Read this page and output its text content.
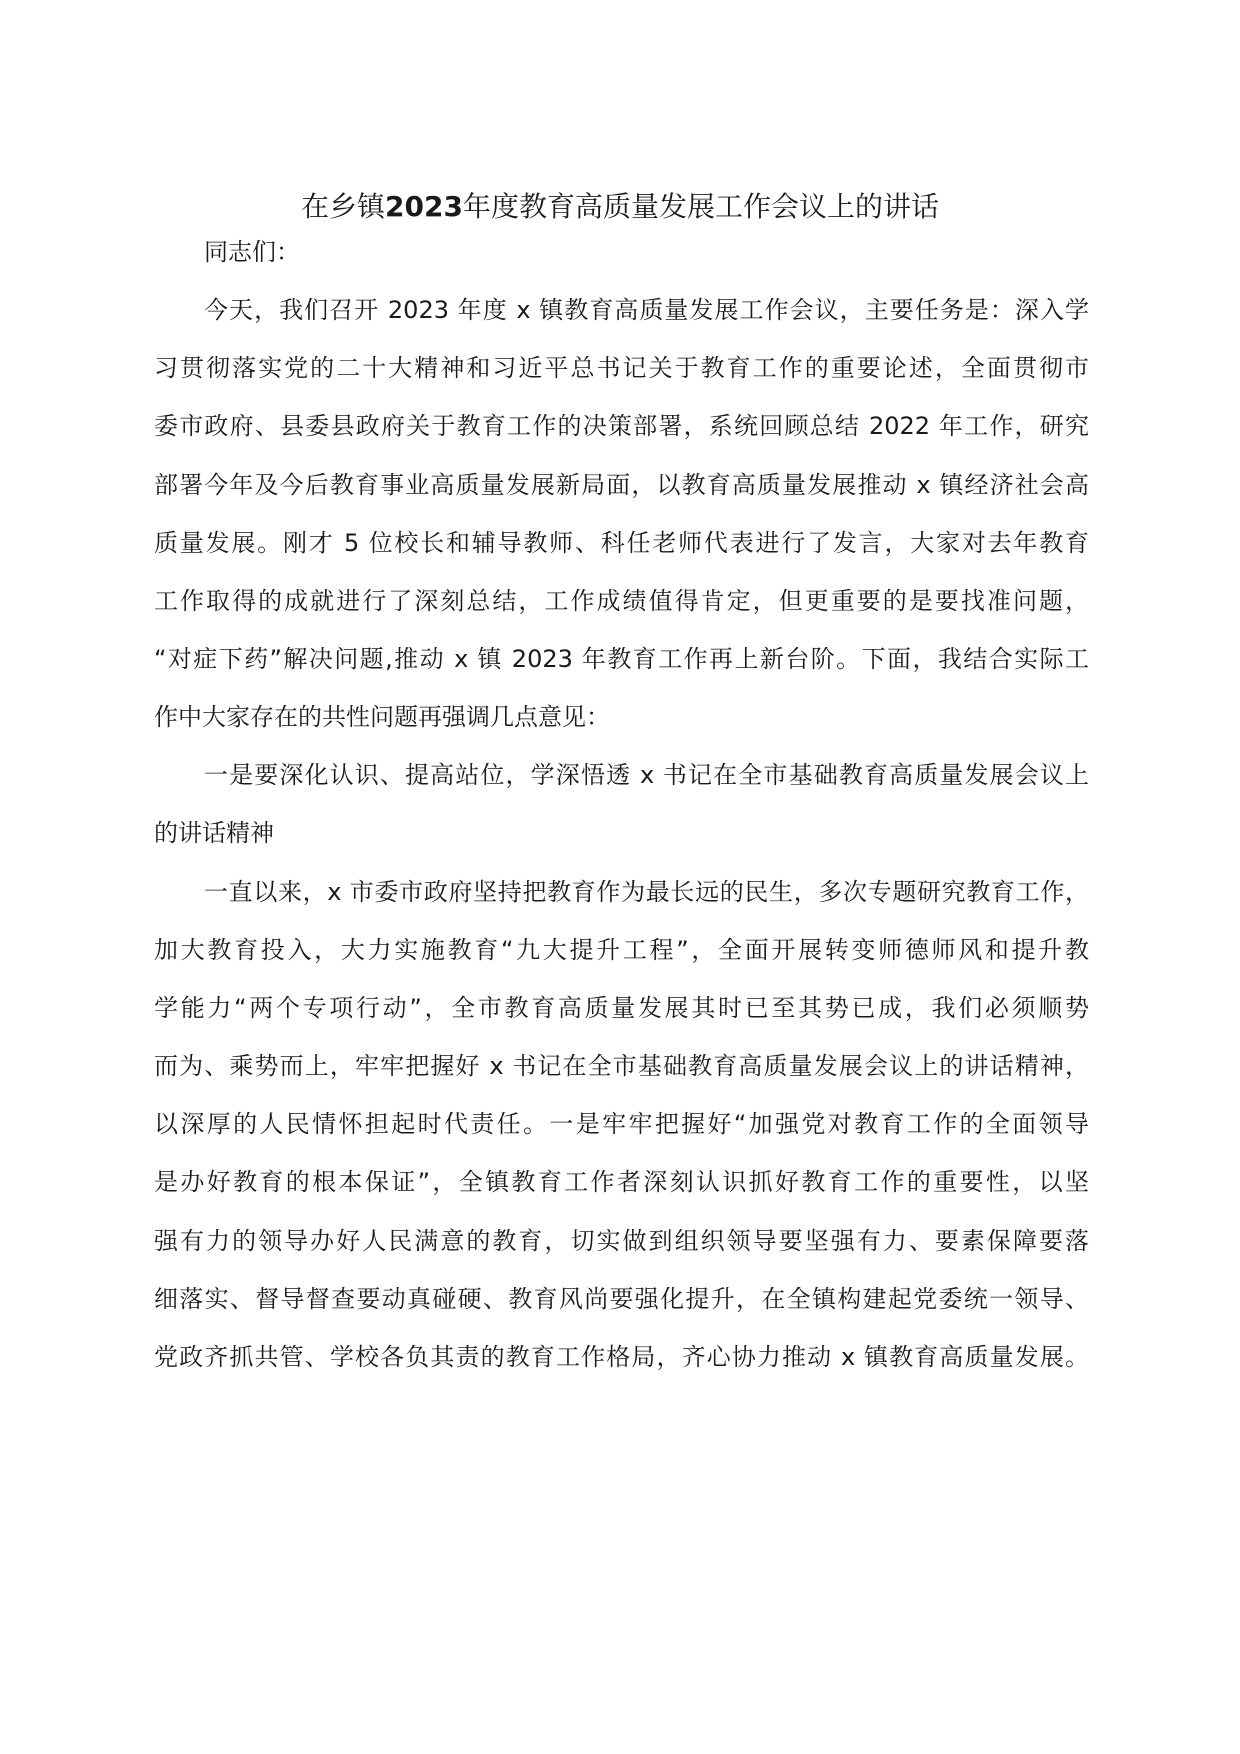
在乡镇2023年度教育高质量发展工作会议上的讲话

同志们：

今天，我们召开 2023 年度 x 镇教育高质量发展工作会议，主要任务是：深入学

习贯彻落实党的二十大精神和习近平总书记关于教育工作的重要论述，全面贯彻市

委市政府、县委县政府关于教育工作的决策部署，系统回顾总结 2022 年工作，研究

部署今年及今后教育事业高质量发展新局面，以教育高质量发展推动 x 镇经济社会高

质量发展。刚才 5 位校长和辅导教师、科任老师代表进行了发言，大家对去年教育

工作取得的成就进行了深刻总结，工作成绩值得肯定，但更重要的是要找准问题，

“对症下药”解决问题,推动 x 镇 2023 年教育工作再上新台阶。下面，我结合实际工

作中大家存在的共性问题再强调几点意见：

一是要深化认识、提高站位，学深悟透 x 书记在全市基础教育高质量发展会议上

的讲话精神

一直以来，x 市委市政府坚持把教育作为最长远的民生，多次专题研究教育工作，

加大教育投入，大力实施教育“九大提升工程”，全面开展转变师德师风和提升教

学能力“两个专项行动”，全市教育高质量发展其时已至其势已成，我们必须顺势

而为、乘势而上，牢牢把握好 x 书记在全市基础教育高质量发展会议上的讲话精神，

以深厚的人民情怀担起时代责任。一是牢牢把握好“加强党对教育工作的全面领导

是办好教育的根本保证”，全镇教育工作者深刻认识抓好教育工作的重要性，以坚

强有力的领导办好人民满意的教育，切实做到组织领导要坚强有力、要素保障要落

细落实、督导督查要动真碰硬、教育风尚要强化提升，在全镇构建起党委统一领导、

党政齐抓共管、学校各负其责的教育工作格局，齐心协力推动 x 镇教育高质量发展。
